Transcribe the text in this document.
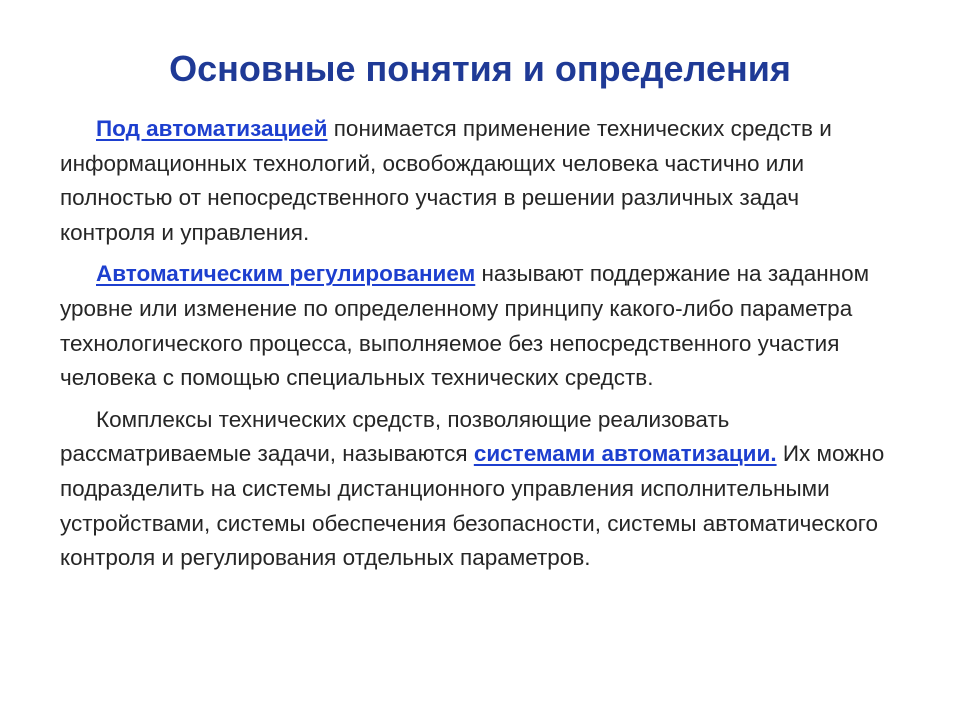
Основные понятия и определения

Под автоматизацией понимается применение технических средств и информационных технологий, освобождающих человека частично или полностью от непосредственного участия в решении различных задач контроля и управления.

Автоматическим регулированием называют поддержание на заданном уровне или изменение по определенному принципу какого-либо параметра технологического процесса, выполняемое без непосредственного участия человека с помощью специальных технических средств.

Комплексы технических средств, позволяющие реализовать рассматриваемые задачи, называются системами автоматизации. Их можно подразделить на системы дистанционного управления исполнительными устройствами, системы обеспечения безопасности, системы автоматического контроля и регулирования отдельных параметров.
